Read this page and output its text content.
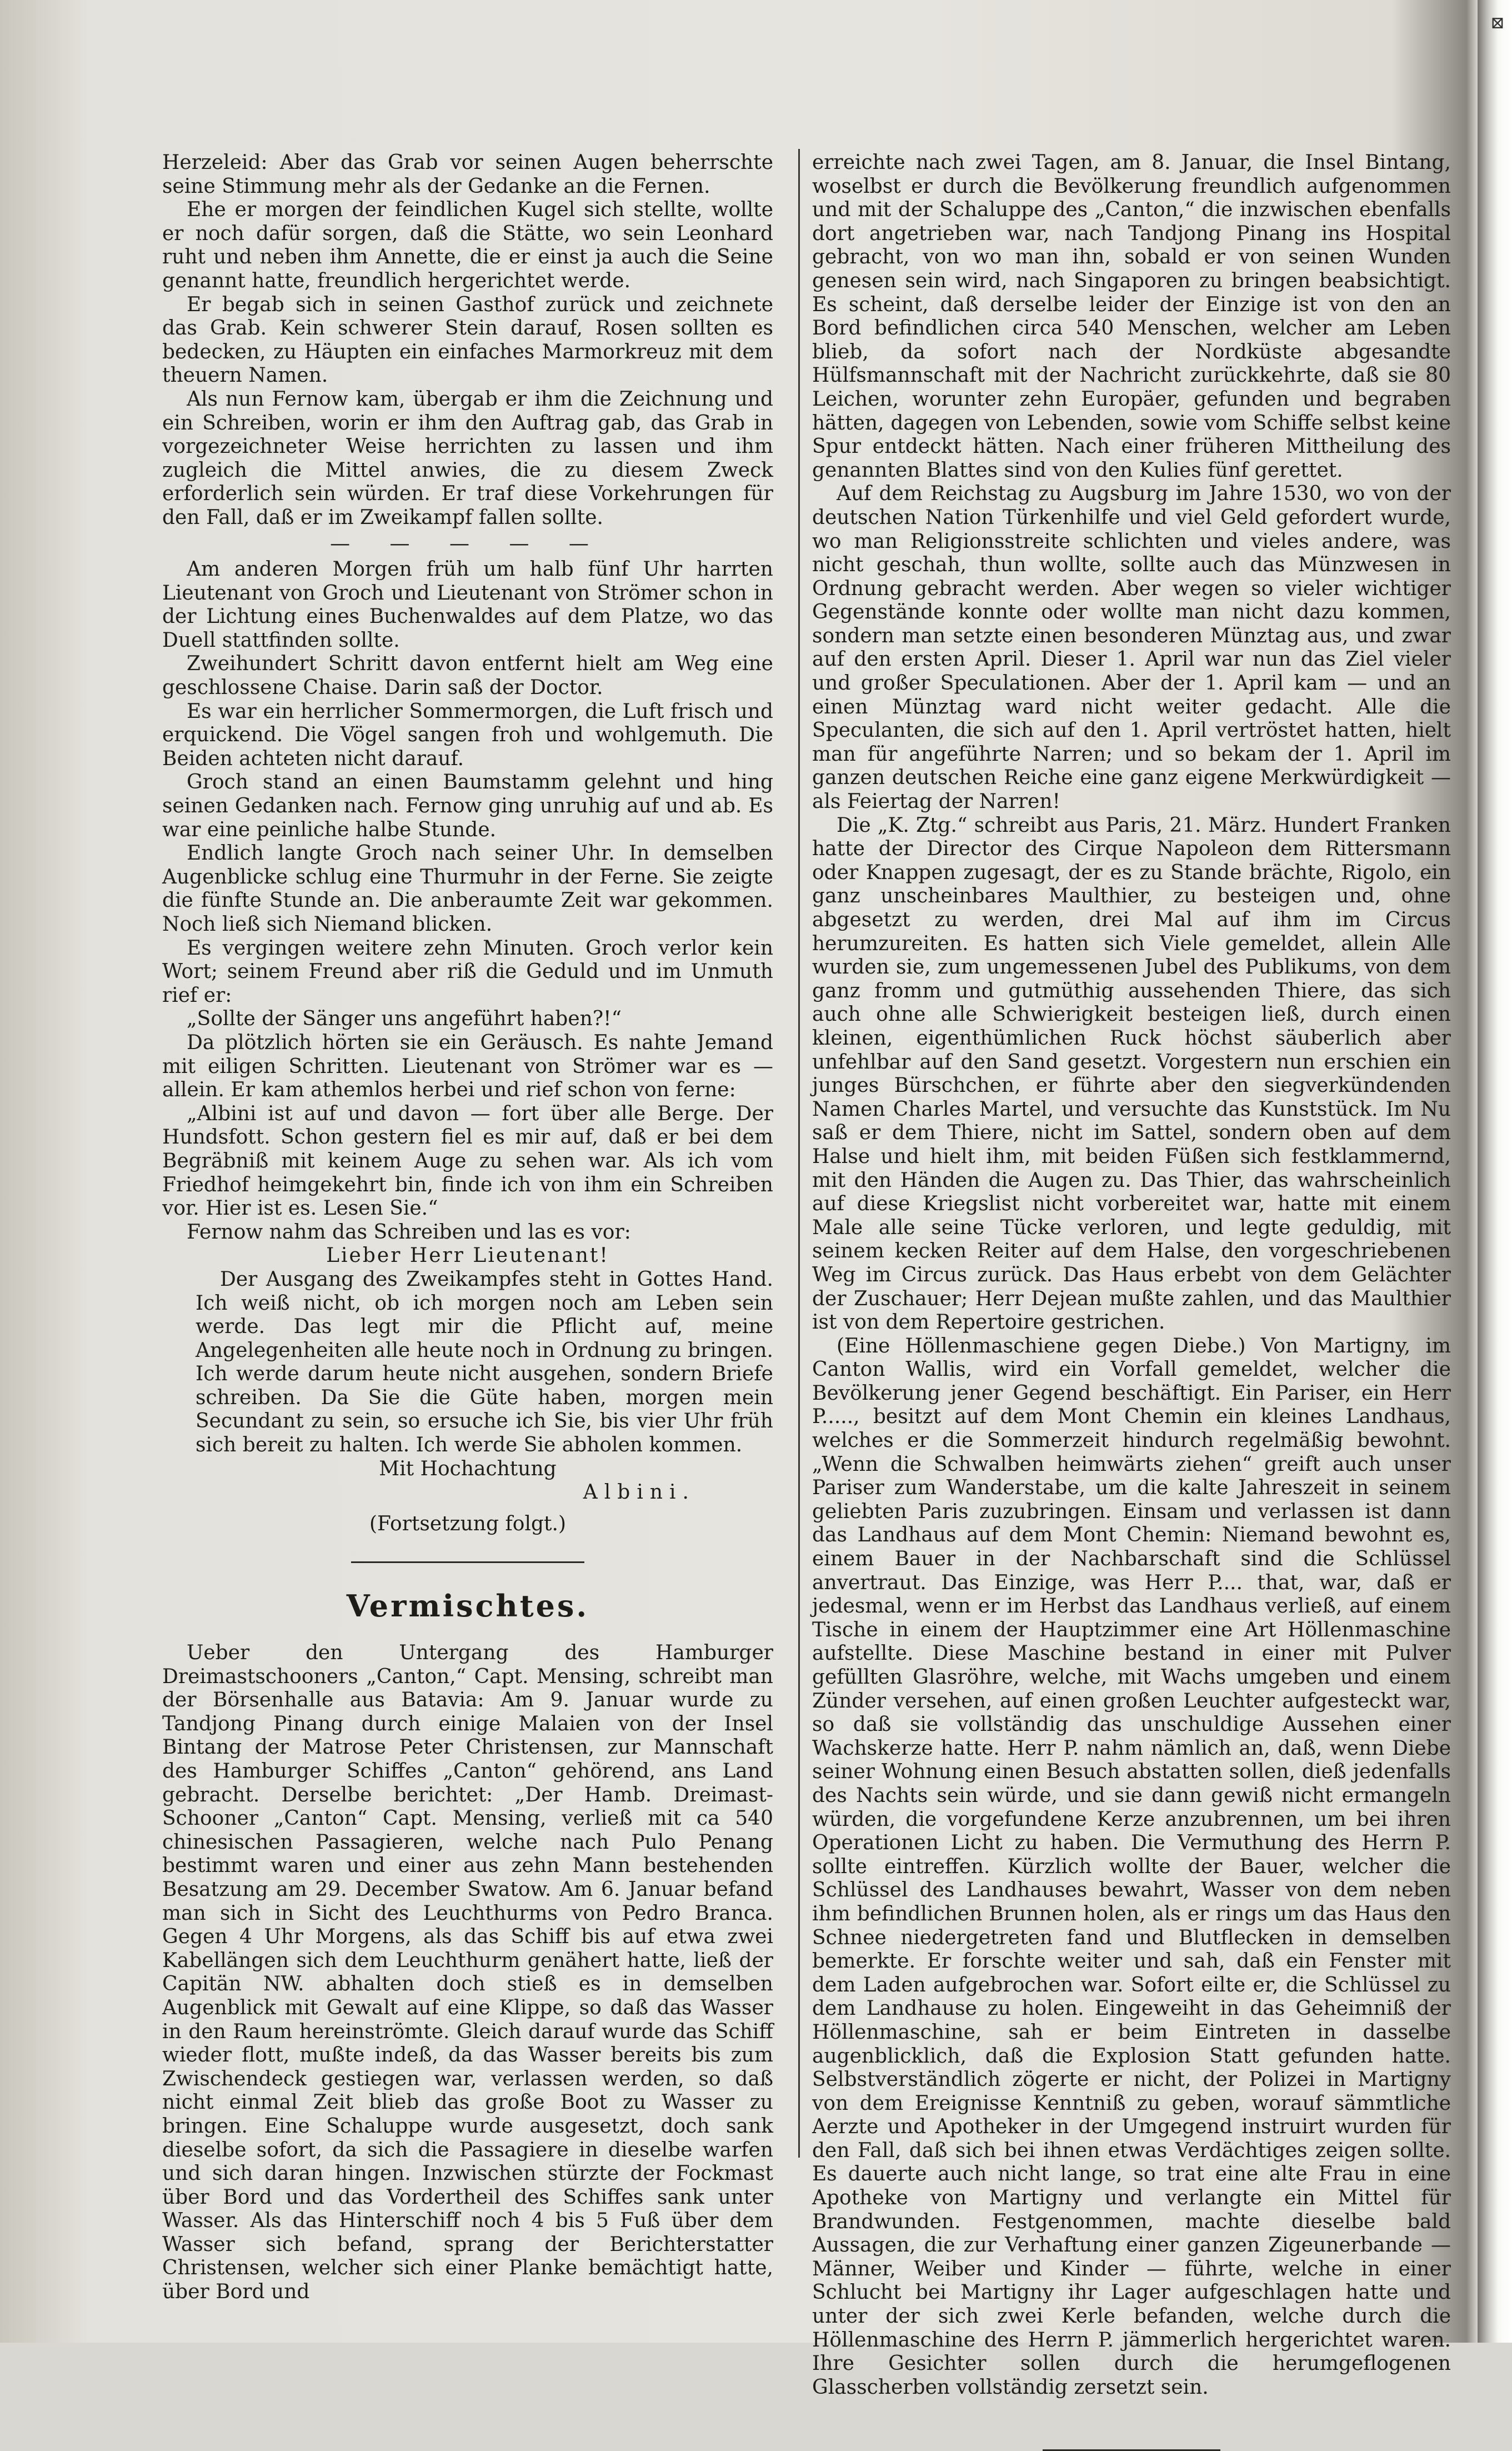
⊠

Herzeleid: Aber das Grab vor seinen Augen beherrschte seine Stimmung mehr als der Gedanke an die Fernen.

Ehe er morgen der feindlichen Kugel sich stellte, wollte er noch dafür sorgen, daß die Stätte, wo sein Leonhard ruht und neben ihm Annette, die er einst ja auch die Seine genannt hatte, freundlich hergerichtet werde.

Er begab sich in seinen Gasthof zurück und zeichnete das Grab. Kein schwerer Stein darauf, Rosen sollten es bedecken, zu Häupten ein einfaches Marmorkreuz mit dem theuern Namen.

Als nun Fernow kam, übergab er ihm die Zeichnung und ein Schreiben, worin er ihm den Auftrag gab, das Grab in vorgezeichneter Weise herrichten zu lassen und ihm zugleich die Mittel anwies, die zu diesem Zweck erforderlich sein würden. Er traf diese Vorkehrungen für den Fall, daß er im Zweikampf fallen sollte.

— — — — —

Am anderen Morgen früh um halb fünf Uhr harrten Lieutenant von Groch und Lieutenant von Strömer schon in der Lichtung eines Buchenwaldes auf dem Platze, wo das Duell stattfinden sollte.

Zweihundert Schritt davon entfernt hielt am Weg eine geschlossene Chaise. Darin saß der Doctor.

Es war ein herrlicher Sommermorgen, die Luft frisch und erquickend. Die Vögel sangen froh und wohlgemuth. Die Beiden achteten nicht darauf.

Groch stand an einen Baumstamm gelehnt und hing seinen Gedanken nach. Fernow ging unruhig auf und ab. Es war eine peinliche halbe Stunde.

Endlich langte Groch nach seiner Uhr. In demselben Augenblicke schlug eine Thurmuhr in der Ferne. Sie zeigte die fünfte Stunde an. Die anberaumte Zeit war gekommen. Noch ließ sich Niemand blicken.

Es vergingen weitere zehn Minuten. Groch verlor kein Wort; seinem Freund aber riß die Geduld und im Unmuth rief er:

„Sollte der Sänger uns angeführt haben?!“

Da plötzlich hörten sie ein Geräusch. Es nahte Jemand mit eiligen Schritten. Lieutenant von Strömer war es — allein. Er kam athemlos herbei und rief schon von ferne:

„Albini ist auf und davon — fort über alle Berge. Der Hundsfott. Schon gestern fiel es mir auf, daß er bei dem Begräbniß mit keinem Auge zu sehen war. Als ich vom Friedhof heimgekehrt bin, finde ich von ihm ein Schreiben vor. Hier ist es. Lesen Sie.“

Fernow nahm das Schreiben und las es vor:

Lieber Herr Lieutenant!

Der Ausgang des Zweikampfes steht in Gottes Hand. Ich weiß nicht, ob ich morgen noch am Leben sein werde. Das legt mir die Pflicht auf, meine Angelegenheiten alle heute noch in Ordnung zu bringen. Ich werde darum heute nicht ausgehen, sondern Briefe schreiben. Da Sie die Güte haben, morgen mein Secundant zu sein, so ersuche ich Sie, bis vier Uhr früh sich bereit zu halten. Ich werde Sie abholen kommen.

Mit Hochachtung

Albini.

(Fortsetzung folgt.)

Vermischtes.

Ueber den Untergang des Hamburger Dreimastschooners „Canton,“ Capt. Mensing, schreibt man der Börsenhalle aus Batavia: Am 9. Januar wurde zu Tandjong Pinang durch einige Malaien von der Insel Bintang der Matrose Peter Christensen, zur Mannschaft des Hamburger Schiffes „Canton“ gehörend, ans Land gebracht. Derselbe berichtet: „Der Hamb. Dreimast-Schooner „Canton“ Capt. Mensing, verließ mit ca 540 chinesischen Passagieren, welche nach Pulo Penang bestimmt waren und einer aus zehn Mann bestehenden Besatzung am 29. December Swatow. Am 6. Januar befand man sich in Sicht des Leuchthurms von Pedro Branca. Gegen 4 Uhr Morgens, als das Schiff bis auf etwa zwei Kabellängen sich dem Leuchthurm genähert hatte, ließ der Capitän NW. abhalten doch stieß es in demselben Augenblick mit Gewalt auf eine Klippe, so daß das Wasser in den Raum hereinströmte. Gleich darauf wurde das Schiff wieder flott, mußte indeß, da das Wasser bereits bis zum Zwischendeck gestiegen war, verlassen werden, so daß nicht einmal Zeit blieb das große Boot zu Wasser zu bringen. Eine Schaluppe wurde ausgesetzt, doch sank dieselbe sofort, da sich die Passagiere in dieselbe warfen und sich daran hingen. Inzwischen stürzte der Fockmast über Bord und das Vordertheil des Schiffes sank unter Wasser. Als das Hinterschiff noch 4 bis 5 Fuß über dem Wasser sich befand, sprang der Berichterstatter Christensen, welcher sich einer Planke bemächtigt hatte, über Bord und

erreichte nach zwei Tagen, am 8. Januar, die Insel Bintang, woselbst er durch die Bevölkerung freundlich aufgenommen und mit der Schaluppe des „Canton,“ die inzwischen ebenfalls dort angetrieben war, nach Tandjong Pinang ins Hospital gebracht, von wo man ihn, sobald er von seinen Wunden genesen sein wird, nach Singaporen zu bringen beabsichtigt. Es scheint, daß derselbe leider der Einzige ist von den an Bord befindlichen circa 540 Menschen, welcher am Leben blieb, da sofort nach der Nordküste abgesandte Hülfsmannschaft mit der Nachricht zurückkehrte, daß sie 80 Leichen, worunter zehn Europäer, gefunden und begraben hätten, dagegen von Lebenden, sowie vom Schiffe selbst keine Spur entdeckt hätten. Nach einer früheren Mittheilung des genannten Blattes sind von den Kulies fünf gerettet.

Auf dem Reichstag zu Augsburg im Jahre 1530, wo von der deutschen Nation Türkenhilfe und viel Geld gefordert wurde, wo man Religionsstreite schlichten und vieles andere, was nicht geschah, thun wollte, sollte auch das Münzwesen in Ordnung gebracht werden. Aber wegen so vieler wichtiger Gegenstände konnte oder wollte man nicht dazu kommen, sondern man setzte einen besonderen Münztag aus, und zwar auf den ersten April. Dieser 1. April war nun das Ziel vieler und großer Speculationen. Aber der 1. April kam — und an einen Münztag ward nicht weiter gedacht. Alle die Speculanten, die sich auf den 1. April vertröstet hatten, hielt man für angeführte Narren; und so bekam der 1. April im ganzen deutschen Reiche eine ganz eigene Merkwürdigkeit — als Feiertag der Narren!

Die „K. Ztg.“ schreibt aus Paris, 21. März. Hundert Franken hatte der Director des Cirque Napoleon dem Rittersmann oder Knappen zugesagt, der es zu Stande brächte, Rigolo, ein ganz unscheinbares Maulthier, zu besteigen und, ohne abgesetzt zu werden, drei Mal auf ihm im Circus herumzureiten. Es hatten sich Viele gemeldet, allein Alle wurden sie, zum ungemessenen Jubel des Publikums, von dem ganz fromm und gutmüthig aussehenden Thiere, das sich auch ohne alle Schwierigkeit besteigen ließ, durch einen kleinen, eigenthümlichen Ruck höchst säuberlich aber unfehlbar auf den Sand gesetzt. Vorgestern nun erschien ein junges Bürschchen, er führte aber den siegverkündenden Namen Charles Martel, und versuchte das Kunststück. Im Nu saß er dem Thiere, nicht im Sattel, sondern oben auf dem Halse und hielt ihm, mit beiden Füßen sich festklammernd, mit den Händen die Augen zu. Das Thier, das wahrscheinlich auf diese Kriegslist nicht vorbereitet war, hatte mit einem Male alle seine Tücke verloren, und legte geduldig, mit seinem kecken Reiter auf dem Halse, den vorgeschriebenen Weg im Circus zurück. Das Haus erbebt von dem Gelächter der Zuschauer; Herr Dejean mußte zahlen, und das Maulthier ist von dem Repertoire gestrichen.

(Eine Höllenmaschiene gegen Diebe.) Von Martigny, im Canton Wallis, wird ein Vorfall gemeldet, welcher die Bevölkerung jener Gegend beschäftigt. Ein Pariser, ein Herr P....., besitzt auf dem Mont Chemin ein kleines Landhaus, welches er die Sommerzeit hindurch regelmäßig bewohnt. „Wenn die Schwalben heimwärts ziehen“ greift auch unser Pariser zum Wanderstabe, um die kalte Jahreszeit in seinem geliebten Paris zuzubringen. Einsam und verlassen ist dann das Landhaus auf dem Mont Chemin: Niemand bewohnt es, einem Bauer in der Nachbarschaft sind die Schlüssel anvertraut. Das Einzige, was Herr P.... that, war, daß er jedesmal, wenn er im Herbst das Landhaus verließ, auf einem Tische in einem der Hauptzimmer eine Art Höllenmaschine aufstellte. Diese Maschine bestand in einer mit Pulver gefüllten Glasröhre, welche, mit Wachs umgeben und einem Zünder versehen, auf einen großen Leuchter aufgesteckt war, so daß sie vollständig das unschuldige Aussehen einer Wachskerze hatte. Herr P. nahm nämlich an, daß, wenn Diebe seiner Wohnung einen Besuch abstatten sollen, dieß jedenfalls des Nachts sein würde, und sie dann gewiß nicht ermangeln würden, die vorgefundene Kerze anzubrennen, um bei ihren Operationen Licht zu haben. Die Vermuthung des Herrn P. sollte eintreffen. Kürzlich wollte der Bauer, welcher die Schlüssel des Landhauses bewahrt, Wasser von dem neben ihm befindlichen Brunnen holen, als er rings um das Haus den Schnee niedergetreten fand und Blutflecken in demselben bemerkte. Er forschte weiter und sah, daß ein Fenster mit dem Laden aufgebrochen war. Sofort eilte er, die Schlüssel zu dem Landhause zu holen. Eingeweiht in das Geheimniß der Höllenmaschine, sah er beim Eintreten in dasselbe augenblicklich, daß die Explosion Statt gefunden hatte. Selbstverständlich zögerte er nicht, der Polizei in Martigny von dem Ereignisse Kenntniß zu geben, worauf sämmtliche Aerzte und Apotheker in der Umgegend instruirt wurden für den Fall, daß sich bei ihnen etwas Verdächtiges zeigen sollte. Es dauerte auch nicht lange, so trat eine alte Frau in eine Apotheke von Martigny und verlangte ein Mittel für Brandwunden. Festgenommen, machte dieselbe bald Aussagen, die zur Verhaftung einer ganzen Zigeunerbande — Männer, Weiber und Kinder — führte, welche in einer Schlucht bei Martigny ihr Lager aufgeschlagen hatte und unter der sich zwei Kerle befanden, welche durch die Höllenmaschine des Herrn P. jämmerlich hergerichtet waren. Ihre Gesichter sollen durch die herumgeflogenen Glasscherben vollständig zersetzt sein.
